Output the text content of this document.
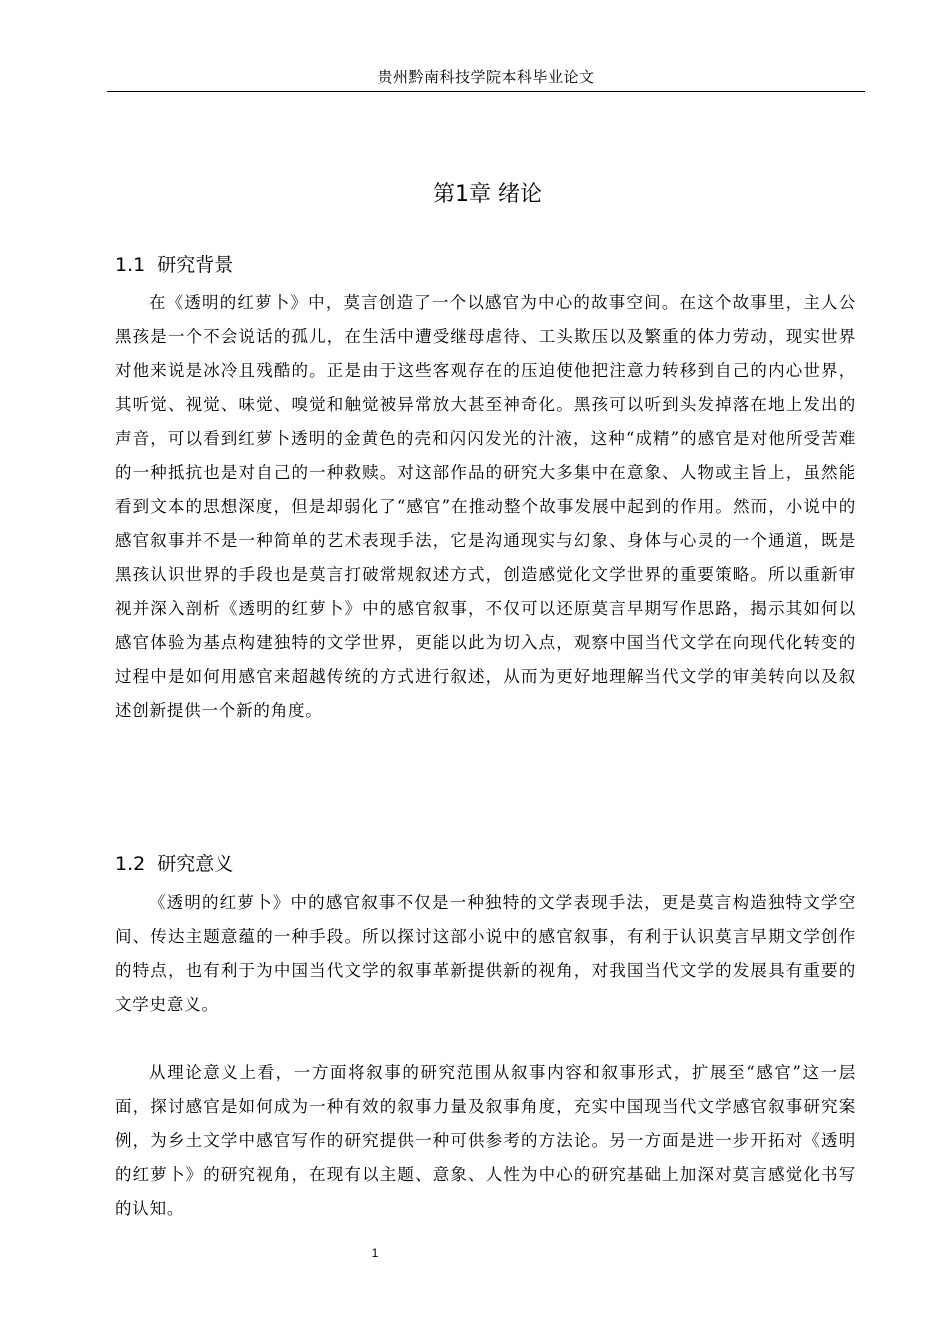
贵州黔南科技学院本科毕业论文
第1章 绪论
1.1 研究背景

在《透明的红萝卜》中，莫言创造了一个以感官为中心的故事空间。在这个故事里，主人公黑孩是一个不会说话的孤儿，在生活中遭受继母虐待、工头欺压以及繁重的体力劳动，现实世界对他来说是冰冷且残酷的。正是由于这些客观存在的压迫使他把注意力转移到自己的内心世界，其听觉、视觉、味觉、嗅觉和触觉被异常放大甚至神奇化。黑孩可以听到头发掉落在地上发出的声音，可以看到红萝卜透明的金黄色的壳和闪闪发光的汁液，这种“成精”的感官是对他所受苦难的一种抵抗也是对自己的一种救赎。对这部作品的研究大多集中在意象、人物或主旨上，虽然能看到文本的思想深度，但是却弱化了“感官”在推动整个故事发展中起到的作用。然而，小说中的感官叙事并不是一种简单的艺术表现手法，它是沟通现实与幻象、身体与心灵的一个通道，既是黑孩认识世界的手段也是莫言打破常规叙述方式，创造感觉化文学世界的重要策略。所以重新审视并深入剖析《透明的红萝卜》中的感官叙事，不仅可以还原莫言早期写作思路，揭示其如何以感官体验为基点构建独特的文学世界，更能以此为切入点，观察中国当代文学在向现代化转变的过程中是如何用感官来超越传统的方式进行叙述，从而为更好地理解当代文学的审美转向以及叙述创新提供一个新的角度。

1.2 研究意义

《透明的红萝卜》中的感官叙事不仅是一种独特的文学表现手法，更是莫言构造独特文学空间、传达主题意蕴的一种手段。所以探讨这部小说中的感官叙事，有利于认识莫言早期文学创作的特点，也有利于为中国当代文学的叙事革新提供新的视角，对我国当代文学的发展具有重要的文学史意义。

从理论意义上看，一方面将叙事的研究范围从叙事内容和叙事形式，扩展至“感官”这一层面，探讨感官是如何成为一种有效的叙事力量及叙事角度，充实中国现当代文学感官叙事研究案例，为乡土文学中感官写作的研究提供一种可供参考的方法论。另一方面是进一步开拓对《透明的红萝卜》的研究视角，在现有以主题、意象、人性为中心的研究基础上加深对莫言感觉化书写的认知。

1
